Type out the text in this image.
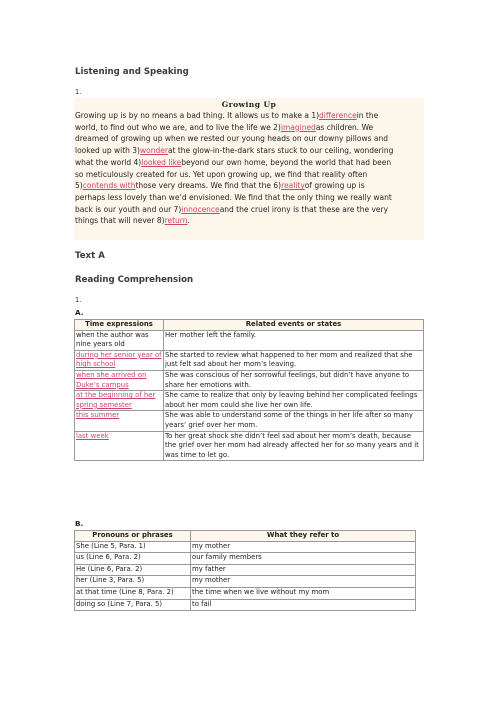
Listening and Speaking
1.
Growing Up
Growing up is by no means a bad thing. It allows us to make a 1)differencein the
world, to find out who we are, and to live the life we 2)imaginedas children. We
dreamed of growing up when we rested our young heads on our downy pillows and
looked up with 3)wonderat the glow-in-the-dark stars stuck to our ceiling, wondering
what the world 4)looked likebeyond our own home, beyond the world that had been
so meticulously created for us. Yet upon growing up, we find that reality often
5)contends withthose very dreams. We find that the 6)realityof growing up is
perhaps less lovely than we’d envisioned. We find that the only thing we really want
back is our youth and our 7)innocenceand the cruel irony is that these are the very
things that will never 8)return.
Text A
Reading Comprehension
1.
A.
Time expressions	Related events or states
when the author was nine years old	Her mother left the family.
during her senior year of high school	She started to review what happened to her mom and realized that she just felt sad about her mom’s leaving.
when she arrived on Duke’s campus	She was conscious of her sorrowful feelings, but didn’t have anyone to share her emotions with.
at the beginning of her spring semester	She came to realize that only by leaving behind her complicated feelings about her mom could she live her own life.
this summer	She was able to understand some of the things in her life after so many years’ grief over her mom.
last week	To her great shock she didn’t feel sad about her mom’s death, because the grief over her mom had already affected her for so many years and it was time to let go.
B.
Pronouns or phrases	What they refer to
She (Line 5, Para. 1)	my mother
us (Line 6, Para. 2)	our family members
He (Line 6, Para. 2)	my father
her (Line 3, Para. 5)	my mother
at that time (Line 8, Para. 2)	the time when we live without my mom
doing so (Line 7, Para. 5)	to fail
